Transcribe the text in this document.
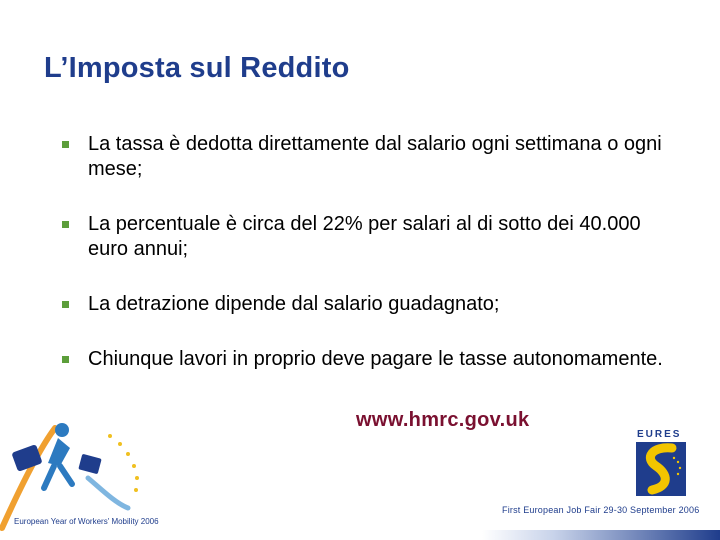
L’Imposta sul Reddito
La tassa è dedotta direttamente dal salario ogni settimana o ogni mese;
La percentuale è circa del 22% per salari al di sotto dei 40.000 euro annui;
La detrazione dipende dal salario guadagnato;
Chiunque lavori in proprio deve pagare le tasse autonomamente.
www.hmrc.gov.uk
European Year of Workers' Mobility 2006
EURES
First European Job Fair 29-30 September 2006
